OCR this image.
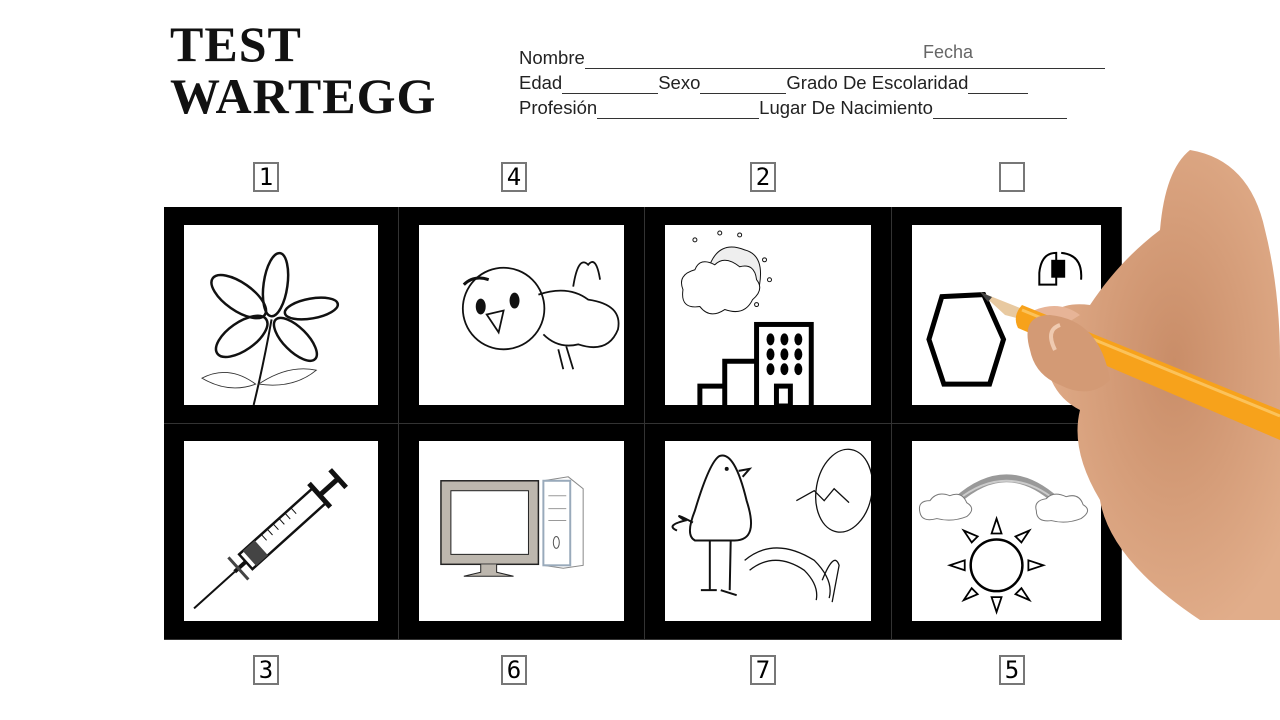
TEST
WARTEGG
Nombre	Fecha
Edad	Sexo	Grado De Escolaridad
Profesión	Lugar De Nacimiento
1	4	2
3	6	7	5
